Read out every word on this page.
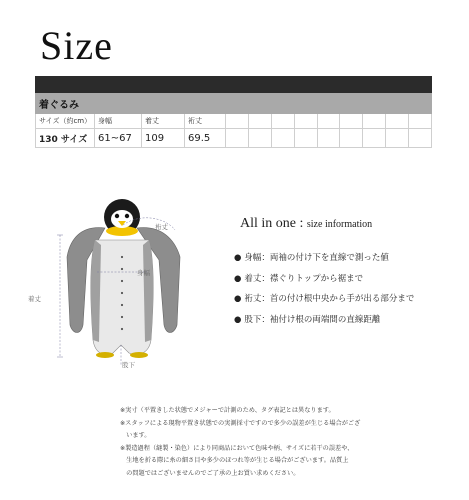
Size
着ぐるみ												
サイズ（約cm）	身幅	着丈	裄丈									
130 サイズ	61~67	109	69.5									
裄丈
身幅
着丈
股下
All in one : size information
● 身幅：両袖の付け下を直線で測った値
● 着丈：襟ぐりトップから裾まで
● 裄丈：首の付け根中央から手が出る部分まで
● 股下：袖付け根の両端間の直線距離
※実寸（平置きした状態でメジャーで計測のため、タグ表記とは異なります。
※スタッフによる現物平置き状態での実測採寸ですので多少の誤差が生じる場合がござ
　います。
※製造過程（縫製・染色）により同商品において色味や柄、サイズに若干の誤差や、
　生地を折る際に糸の細さ目や多少のほつれ等が生じる場合がございます。品質上
　の問題ではございませんのでご了承の上お買い求めください。
